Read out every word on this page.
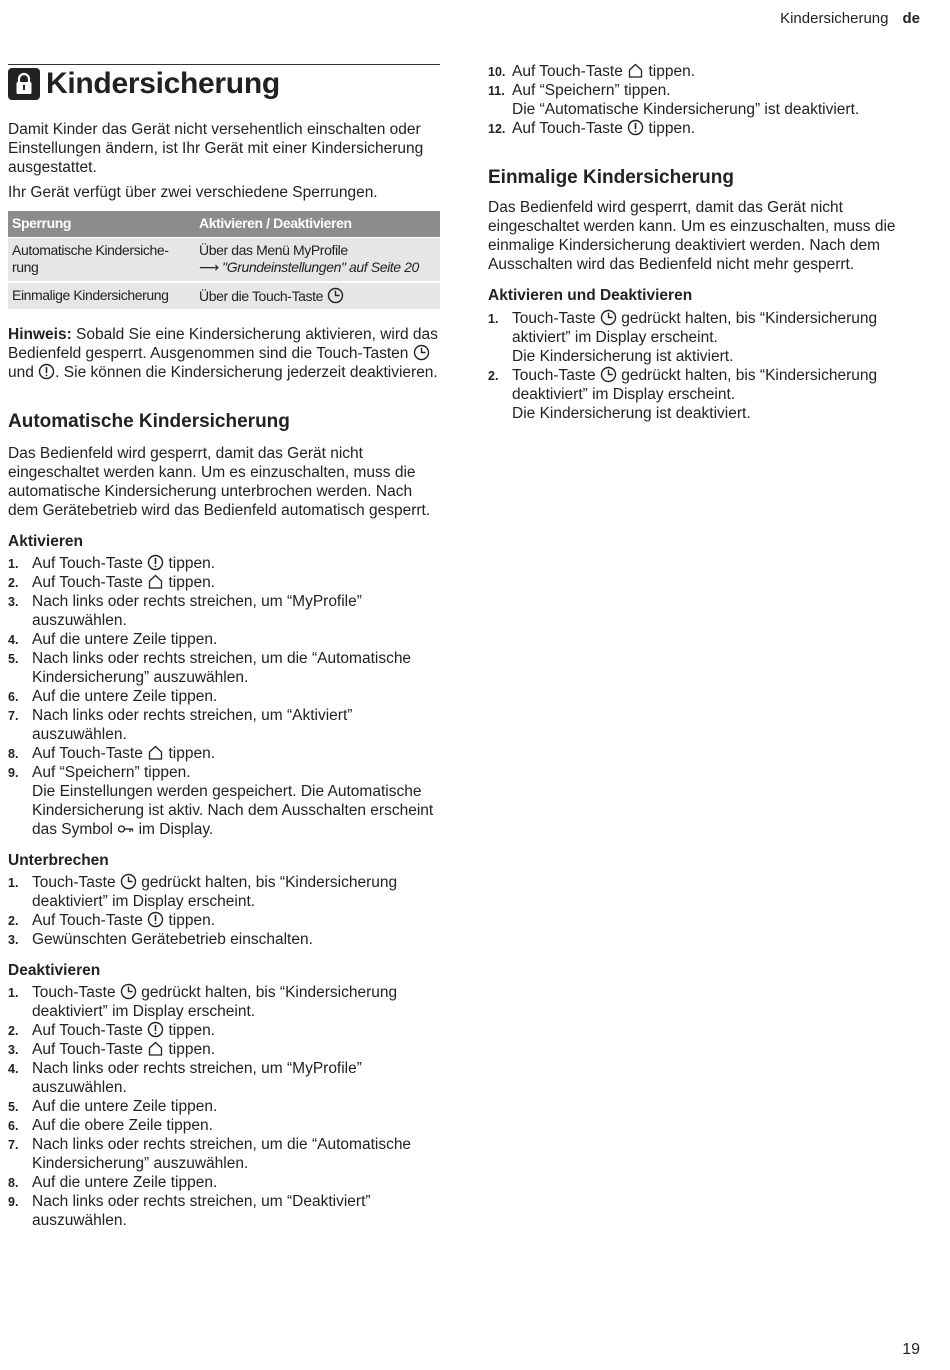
Kindersicherung de
Kindersicherung

Damit Kinder das Gerät nicht versehentlich einschalten oder Einstellungen ändern, ist Ihr Gerät mit einer Kindersicherung ausgestattet.

Ihr Gerät verfügt über zwei verschiedene Sperrungen.

Sperrung	Aktivieren / Deaktivieren
Automatische Kindersiche-rung	Über das Menü MyProfile
⟶ "Grundeinstellungen" auf Seite 20
Einmalige Kindersicherung	Über die Touch-Taste

Hinweis: Sobald Sie eine Kindersicherung aktivieren, wird das Bedienfeld gesperrt. Ausgenommen sind die Touch-Tasten  und . Sie können die Kindersicherung jederzeit deaktivieren.

Automatische Kindersicherung

Das Bedienfeld wird gesperrt, damit das Gerät nicht eingeschaltet werden kann. Um es einzuschalten, muss die automatische Kindersicherung unterbrochen werden. Nach dem Gerätebetrieb wird das Bedienfeld automatisch gesperrt.

Aktivieren
1. Auf Touch-Taste  tippen.
2. Auf Touch-Taste  tippen.
3. Nach links oder rechts streichen, um “MyProfile” auszuwählen.
4. Auf die untere Zeile tippen.
5. Nach links oder rechts streichen, um die “Automatische Kindersicherung” auszuwählen.
6. Auf die untere Zeile tippen.
7. Nach links oder rechts streichen, um “Aktiviert” auszuwählen.
8. Auf Touch-Taste  tippen.
9. Auf “Speichern” tippen.
Die Einstellungen werden gespeichert. Die Automatische Kindersicherung ist aktiv. Nach dem Ausschalten erscheint das Symbol  im Display.
Unterbrechen
1. Touch-Taste  gedrückt halten, bis “Kindersicherung deaktiviert” im Display erscheint.
2. Auf Touch-Taste  tippen.
3. Gewünschten Gerätebetrieb einschalten.
Deaktivieren
1. Touch-Taste  gedrückt halten, bis “Kindersicherung deaktiviert” im Display erscheint.
2. Auf Touch-Taste  tippen.
3. Auf Touch-Taste  tippen.
4. Nach links oder rechts streichen, um “MyProfile” auszuwählen.
5. Auf die untere Zeile tippen.
6. Auf die obere Zeile tippen.
7. Nach links oder rechts streichen, um die “Automatische Kindersicherung” auszuwählen.
8. Auf die untere Zeile tippen.
9. Nach links oder rechts streichen, um “Deaktiviert” auszuwählen.
10. Auf Touch-Taste  tippen.
11. Auf “Speichern” tippen.
Die “Automatische Kindersicherung” ist deaktiviert.
12. Auf Touch-Taste  tippen.
Einmalige Kindersicherung

Das Bedienfeld wird gesperrt, damit das Gerät nicht eingeschaltet werden kann. Um es einzuschalten, muss die einmalige Kindersicherung deaktiviert werden. Nach dem Ausschalten wird das Bedienfeld nicht mehr gesperrt.

Aktivieren und Deaktivieren
1. Touch-Taste  gedrückt halten, bis “Kindersicherung aktiviert” im Display erscheint.
Die Kindersicherung ist aktiviert.
2. Touch-Taste  gedrückt halten, bis “Kindersicherung deaktiviert” im Display erscheint.
Die Kindersicherung ist deaktiviert.
19
